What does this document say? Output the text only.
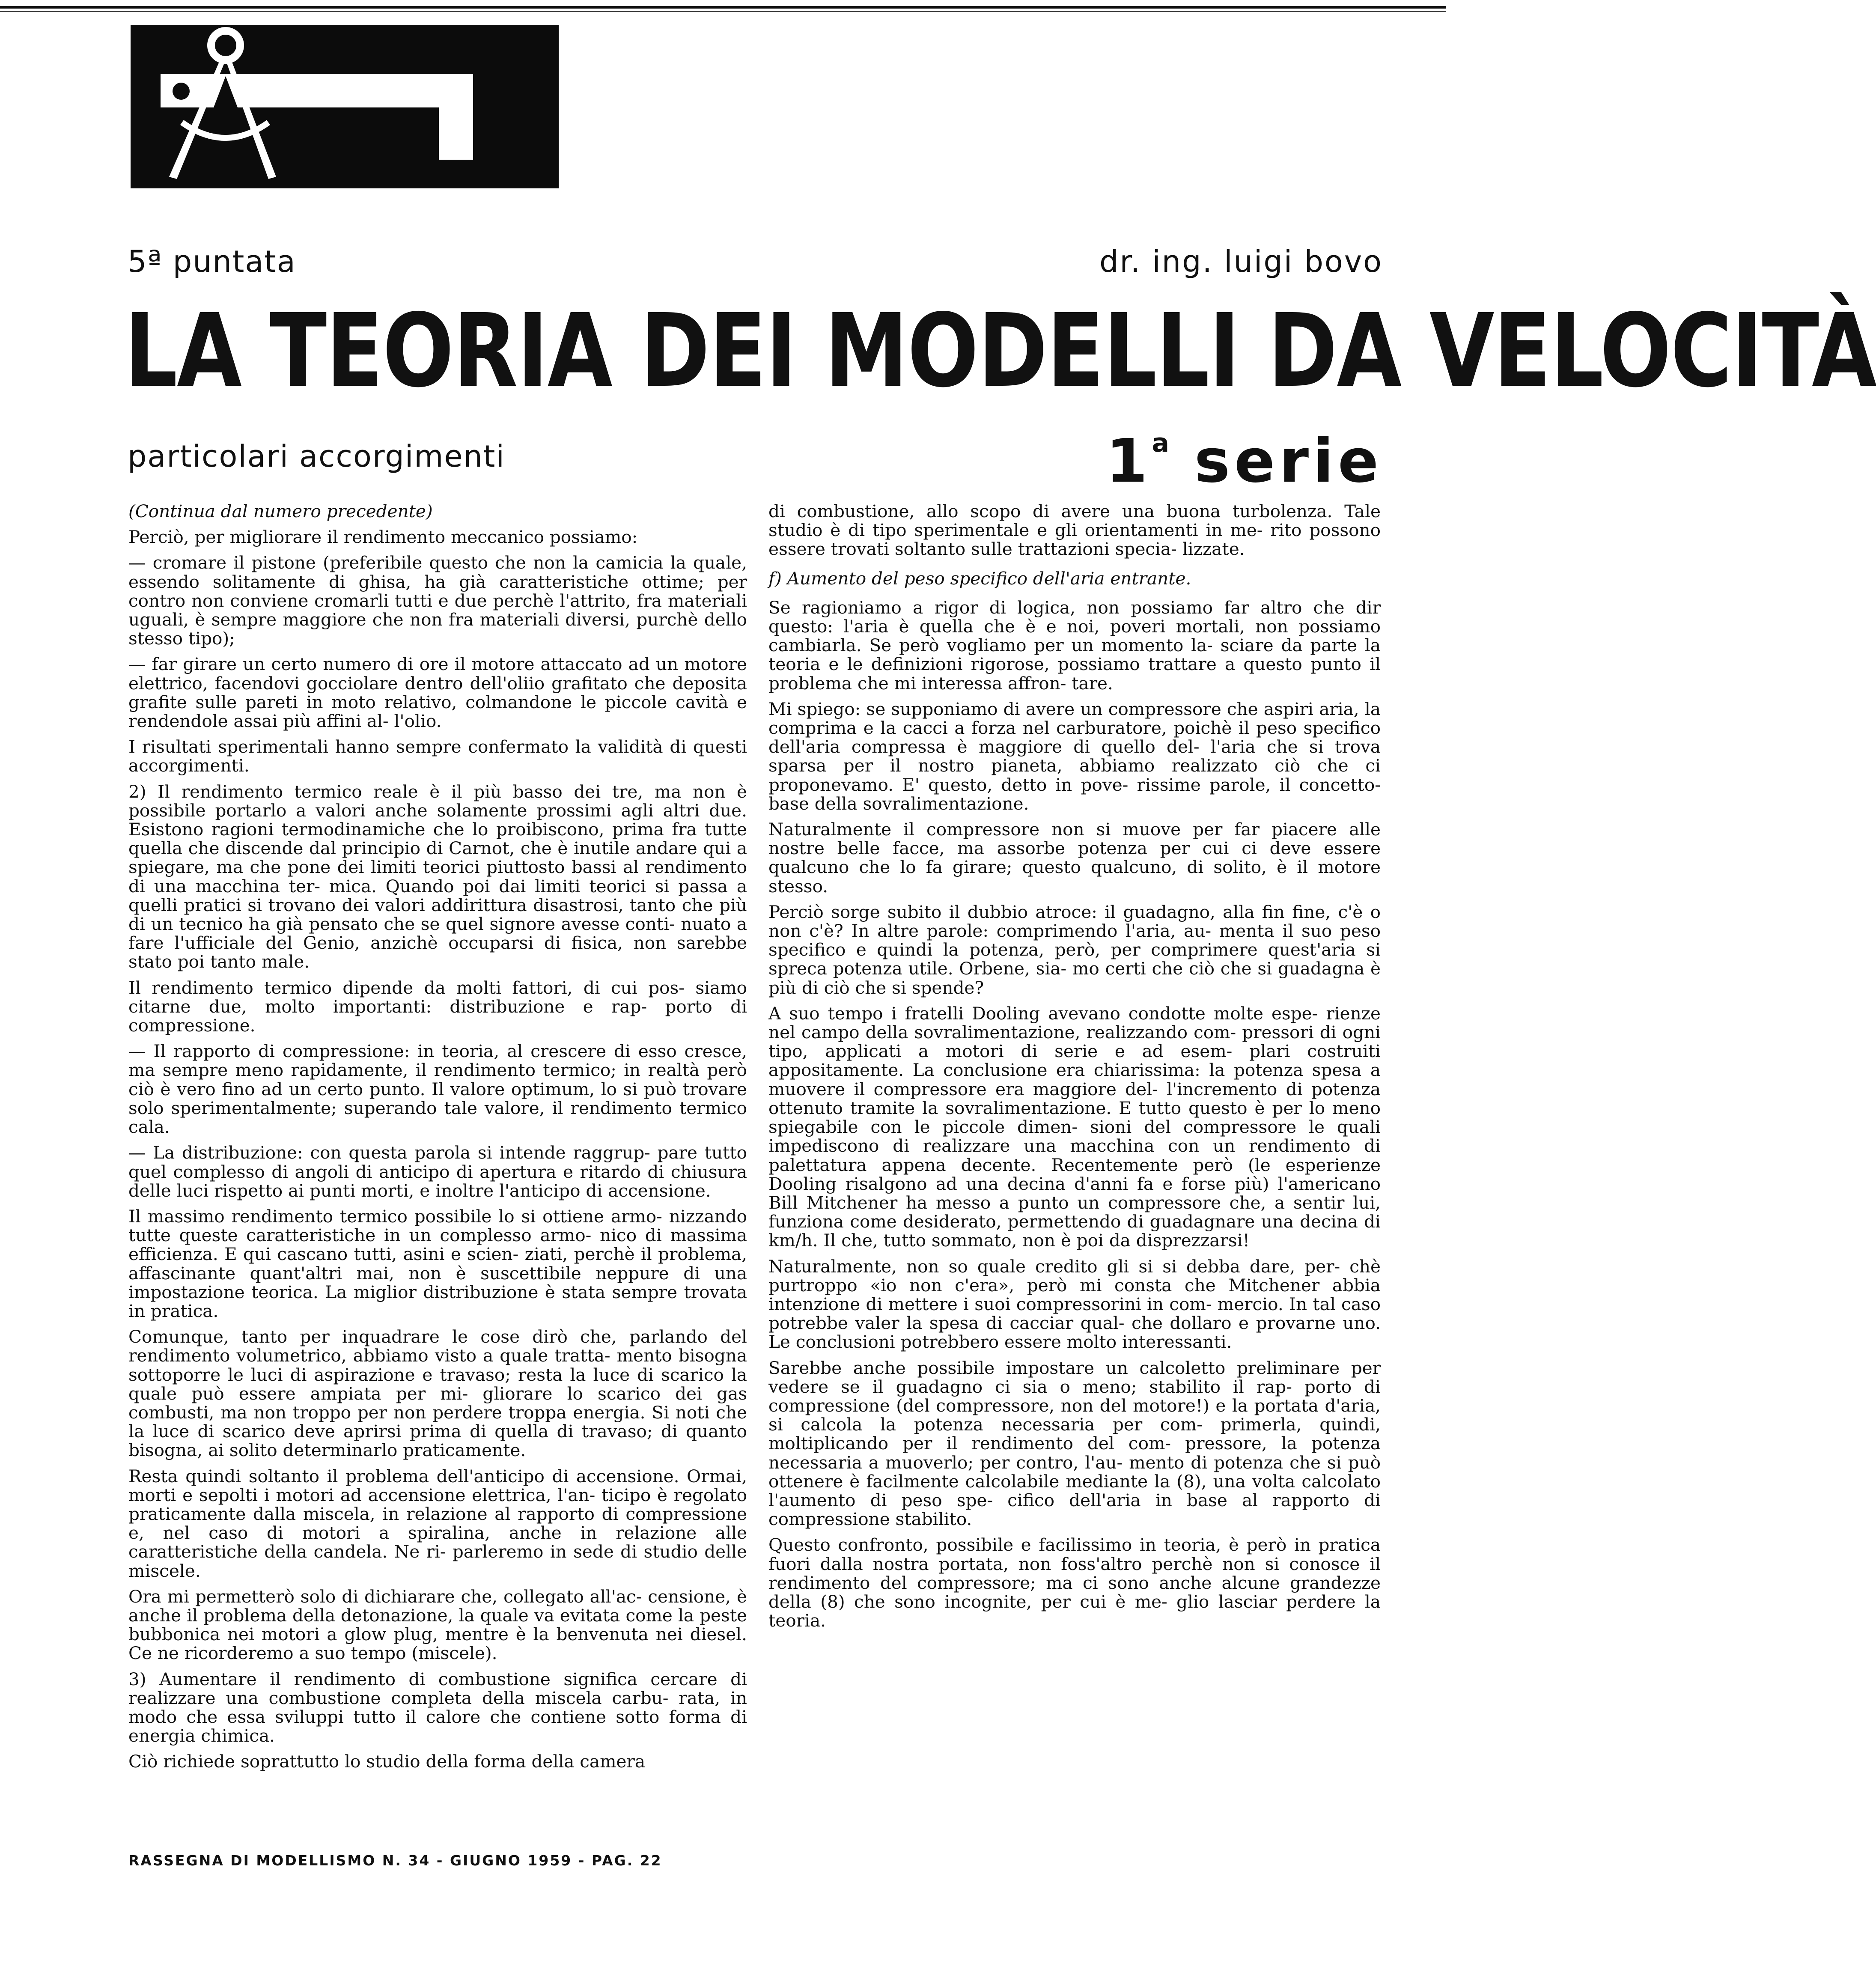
5ª puntata	dr. ing. luigi bovo
LA TEORIA DEI MODELLI DA VELOCITÀ
particolari accorgimenti	1$^a$ serie

(Continua dal numero precedente)

Perciò, per migliorare il rendimento meccanico possiamo:

— cromare il pistone (preferibile questo che non la camicia la quale, essendo solitamente di ghisa, ha già caratteristiche ottime; per contro non conviene cromarli tutti e due perchè l'attrito, fra materiali uguali, è sempre maggiore che non fra materiali diversi, purchè dello stesso tipo);

— far girare un certo numero di ore il motore attaccato ad un motore elettrico, facendovi gocciolare dentro dell'oliio grafitato che deposita grafite sulle pareti in moto relativo, colmandone le piccole cavità e rendendole assai più affini al- l'olio.

I risultati sperimentali hanno sempre confermato la validità di questi accorgimenti.

2) Il rendimento termico reale è il più basso dei tre, ma non è possibile portarlo a valori anche solamente prossimi agli altri due. Esistono ragioni termodinamiche che lo proibiscono, prima fra tutte quella che discende dal principio di Carnot, che è inutile andare qui a spiegare, ma che pone dei limiti teorici piuttosto bassi al rendimento di una macchina ter- mica. Quando poi dai limiti teorici si passa a quelli pratici si trovano dei valori addirittura disastrosi, tanto che più di un tecnico ha già pensato che se quel signore avesse conti- nuato a fare l'ufficiale del Genio, anzichè occuparsi di fisica, non sarebbe stato poi tanto male.

Il rendimento termico dipende da molti fattori, di cui pos- siamo citarne due, molto importanti: distribuzione e rap- porto di compressione.

— Il rapporto di compressione: in teoria, al crescere di esso cresce, ma sempre meno rapidamente, il rendimento termico; in realtà però ciò è vero fino ad un certo punto. Il valore optimum, lo si può trovare solo sperimentalmente; superando tale valore, il rendimento termico cala.

— La distribuzione: con questa parola si intende raggrup- pare tutto quel complesso di angoli di anticipo di apertura e ritardo di chiusura delle luci rispetto ai punti morti, e inoltre l'anticipo di accensione.

Il massimo rendimento termico possibile lo si ottiene armo- nizzando tutte queste caratteristiche in un complesso armo- nico di massima efficienza. E qui cascano tutti, asini e scien- ziati, perchè il problema, affascinante quant'altri mai, non è suscettibile neppure di una impostazione teorica. La miglior distribuzione è stata sempre trovata in pratica.

Comunque, tanto per inquadrare le cose dirò che, parlando del rendimento volumetrico, abbiamo visto a quale tratta- mento bisogna sottoporre le luci di aspirazione e travaso; resta la luce di scarico la quale può essere ampiata per mi- gliorare lo scarico dei gas combusti, ma non troppo per non perdere troppa energia. Si noti che la luce di scarico deve aprirsi prima di quella di travaso; di quanto bisogna, ai solito determinarlo praticamente.

Resta quindi soltanto il problema dell'anticipo di accensione. Ormai, morti e sepolti i motori ad accensione elettrica, l'an- ticipo è regolato praticamente dalla miscela, in relazione al rapporto di compressione e, nel caso di motori a spiralina, anche in relazione alle caratteristiche della candela. Ne ri- parleremo in sede di studio delle miscele.

Ora mi permetterò solo di dichiarare che, collegato all'ac- censione, è anche il problema della detonazione, la quale va evitata come la peste bubbonica nei motori a glow plug, mentre è la benvenuta nei diesel. Ce ne ricorderemo a suo tempo (miscele).

3) Aumentare il rendimento di combustione significa cercare di realizzare una combustione completa della miscela carbu- rata, in modo che essa sviluppi tutto il calore che contiene sotto forma di energia chimica.

Ciò richiede soprattutto lo studio della forma della camera

di combustione, allo scopo di avere una buona turbolenza. Tale studio è di tipo sperimentale e gli orientamenti in me- rito possono essere trovati soltanto sulle trattazioni specia- lizzate.

f) Aumento del peso specifico dell'aria entrante.

Se ragioniamo a rigor di logica, non possiamo far altro che dir questo: l'aria è quella che è e noi, poveri mortali, non possiamo cambiarla. Se però vogliamo per un momento la- sciare da parte la teoria e le definizioni rigorose, possiamo trattare a questo punto il problema che mi interessa affron- tare.

Mi spiego: se supponiamo di avere un compressore che aspiri aria, la comprima e la cacci a forza nel carburatore, poichè il peso specifico dell'aria compressa è maggiore di quello del- l'aria che si trova sparsa per il nostro pianeta, abbiamo realizzato ciò che ci proponevamo. E' questo, detto in pove- rissime parole, il concetto-base della sovralimentazione.

Naturalmente il compressore non si muove per far piacere alle nostre belle facce, ma assorbe potenza per cui ci deve essere qualcuno che lo fa girare; questo qualcuno, di solito, è il motore stesso.

Perciò sorge subito il dubbio atroce: il guadagno, alla fin fine, c'è o non c'è? In altre parole: comprimendo l'aria, au- menta il suo peso specifico e quindi la potenza, però, per comprimere quest'aria si spreca potenza utile. Orbene, sia- mo certi che ciò che si guadagna è più di ciò che si spende?

A suo tempo i fratelli Dooling avevano condotte molte espe- rienze nel campo della sovralimentazione, realizzando com- pressori di ogni tipo, applicati a motori di serie e ad esem- plari costruiti appositamente. La conclusione era chiarissima: la potenza spesa a muovere il compressore era maggiore del- l'incremento di potenza ottenuto tramite la sovralimentazione. E tutto questo è per lo meno spiegabile con le piccole dimen- sioni del compressore le quali impediscono di realizzare una macchina con un rendimento di palettatura appena decente. Recentemente però (le esperienze Dooling risalgono ad una decina d'anni fa e forse più) l'americano Bill Mitchener ha messo a punto un compressore che, a sentir lui, funziona come desiderato, permettendo di guadagnare una decina di km/h. Il che, tutto sommato, non è poi da disprezzarsi!

Naturalmente, non so quale credito gli si si debba dare, per- chè purtroppo «io non c'era», però mi consta che Mitchener abbia intenzione di mettere i suoi compressorini in com- mercio. In tal caso potrebbe valer la spesa di cacciar qual- che dollaro e provarne uno. Le conclusioni potrebbero essere molto interessanti.

Sarebbe anche possibile impostare un calcoletto preliminare per vedere se il guadagno ci sia o meno; stabilito il rap- porto di compressione (del compressore, non del motore!) e la portata d'aria, si calcola la potenza necessaria per com- primerla, quindi, moltiplicando per il rendimento del com- pressore, la potenza necessaria a muoverlo; per contro, l'au- mento di potenza che si può ottenere è facilmente calcolabile mediante la (8), una volta calcolato l'aumento di peso spe- cifico dell'aria in base al rapporto di compressione stabilito.

Questo confronto, possibile e facilissimo in teoria, è però in pratica fuori dalla nostra portata, non foss'altro perchè non si conosce il rendimento del compressore; ma ci sono anche alcune grandezze della (8) che sono incognite, per cui è me- glio lasciar perdere la teoria.

RASSEGNA DI MODELLISMO N. 34 - GIUGNO 1959 - PAG. 22
